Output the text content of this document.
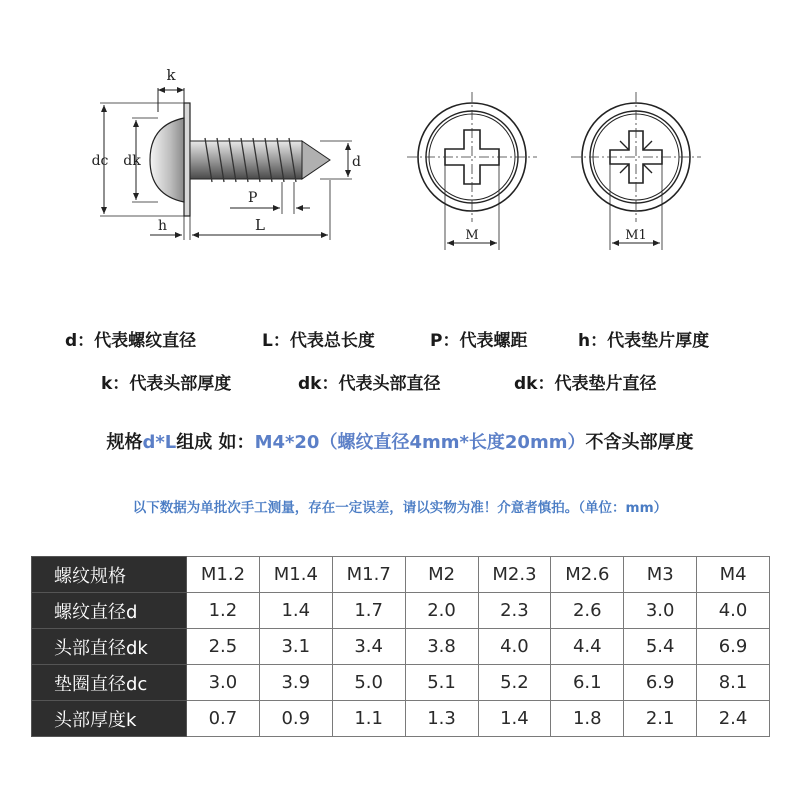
k
dc dk	d
P
h	L
M	M1
d：代表螺纹直径	L：代表总长度	P：代表螺距	h：代表垫片厚度
k：代表头部厚度	dk：代表头部直径	dk：代表垫片直径
规格d*L组成 如：M4*20（螺纹直径4mm*长度20mm）不含头部厚度
以下数据为单批次手工测量，存在一定误差，请以实物为准！介意者慎拍。（单位：mm）
螺纹规格	M1.2	M1.4	M1.7	M2	M2.3	M2.6	M3	M4
螺纹直径d	1.2	1.4	1.7	2.0	2.3	2.6	3.0	4.0
头部直径dk	2.5	3.1	3.4	3.8	4.0	4.4	5.4	6.9
垫圈直径dc	3.0	3.9	5.0	5.1	5.2	6.1	6.9	8.1
头部厚度k	0.7	0.9	1.1	1.3	1.4	1.8	2.1	2.4
